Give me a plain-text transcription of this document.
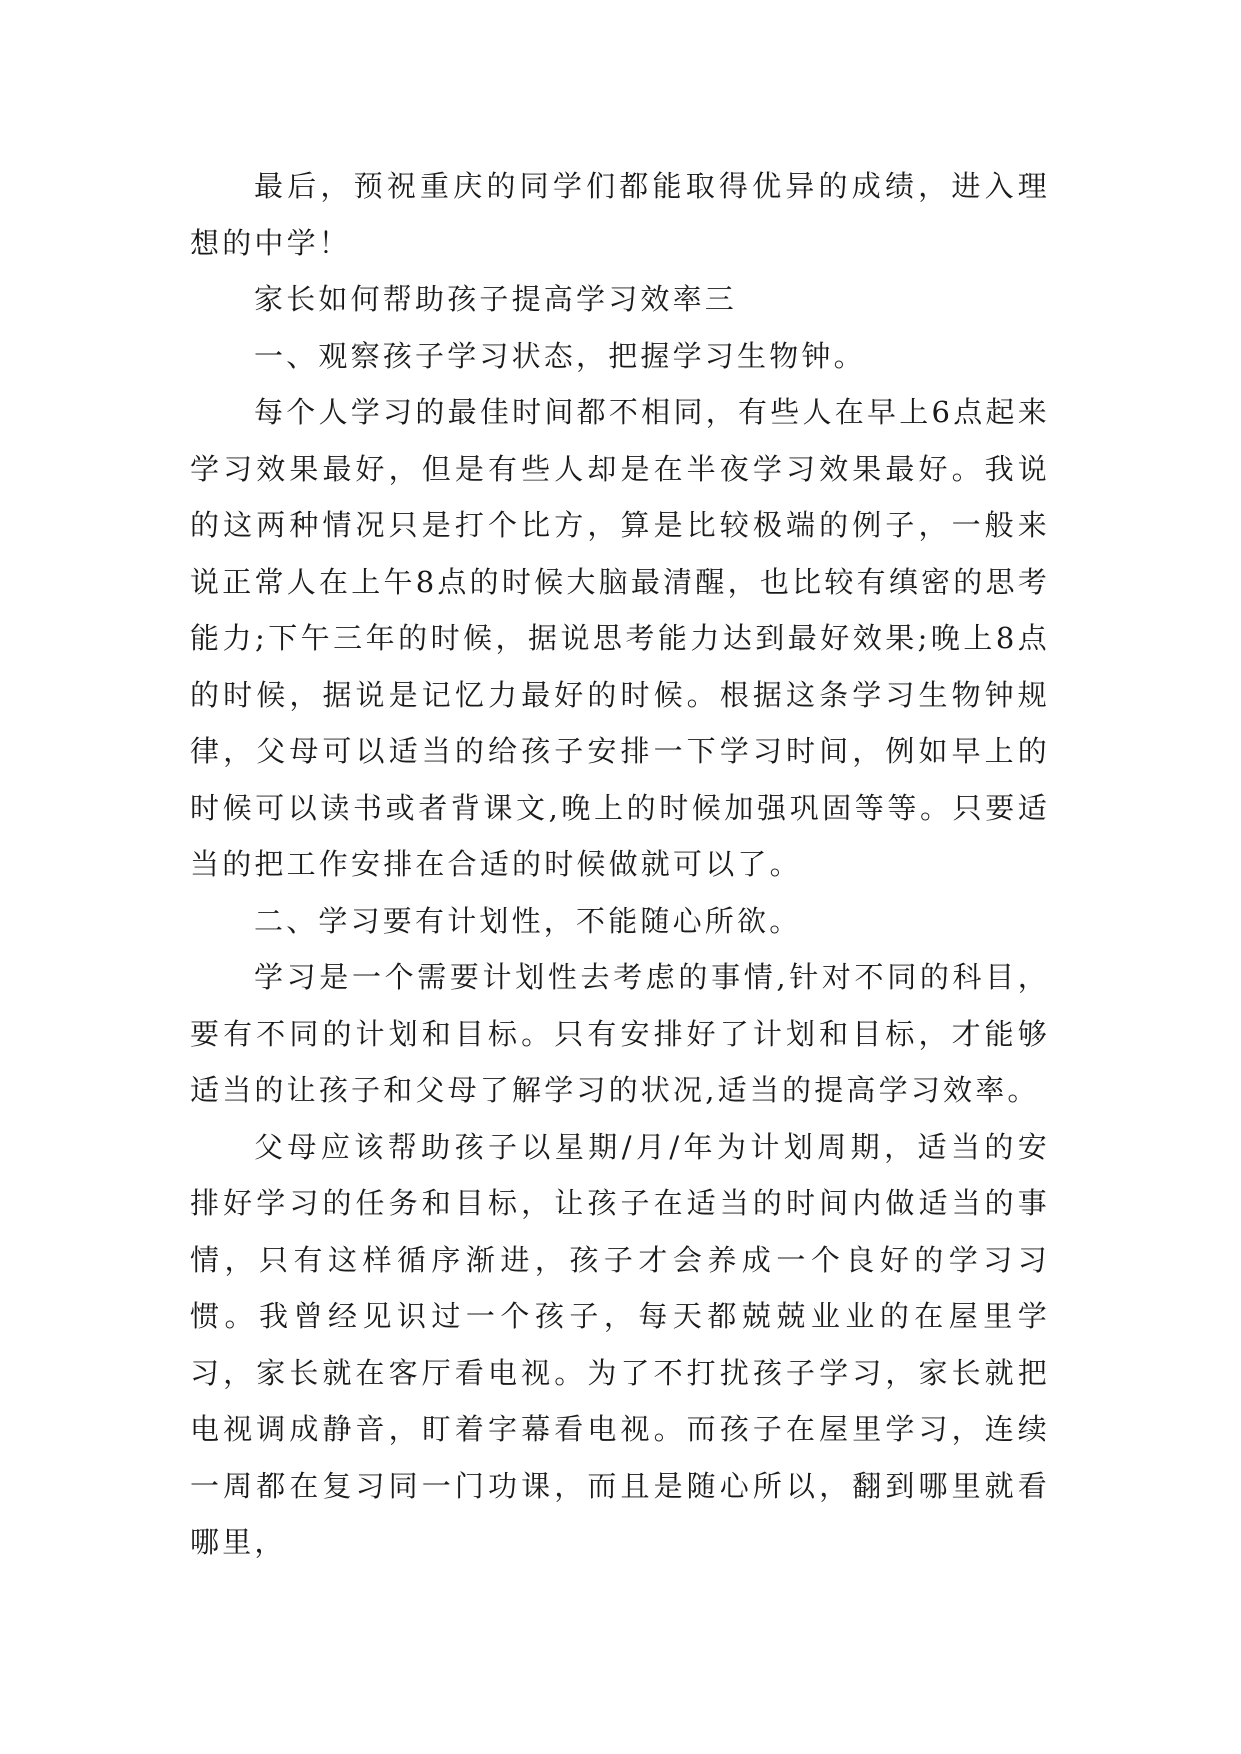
最后，预祝重庆的同学们都能取得优异的成绩，进入理想的中学！

家长如何帮助孩子提高学习效率三

一、观察孩子学习状态，把握学习生物钟。

每个人学习的最佳时间都不相同，有些人在早上6点起来学习效果最好，但是有些人却是在半夜学习效果最好。我说的这两种情况只是打个比方，算是比较极端的例子，一般来说正常人在上午8点的时候大脑最清醒，也比较有缜密的思考能力;下午三年的时候，据说思考能力达到最好效果;晚上8点的时候，据说是记忆力最好的时候。根据这条学习生物钟规律，父母可以适当的给孩子安排一下学习时间，例如早上的时候可以读书或者背课文,晚上的时候加强巩固等等。只要适当的把工作安排在合适的时候做就可以了。

二、学习要有计划性，不能随心所欲。

学习是一个需要计划性去考虑的事情,针对不同的科目，要有不同的计划和目标。只有安排好了计划和目标，才能够适当的让孩子和父母了解学习的状况,适当的提高学习效率。

父母应该帮助孩子以星期/月/年为计划周期，适当的安排好学习的任务和目标，让孩子在适当的时间内做适当的事情，只有这样循序渐进，孩子才会养成一个良好的学习习惯。我曾经见识过一个孩子，每天都兢兢业业的在屋里学习，家长就在客厅看电视。为了不打扰孩子学习，家长就把电视调成静音，盯着字幕看电视。而孩子在屋里学习，连续一周都在复习同一门功课，而且是随心所以，翻到哪里就看哪里，
